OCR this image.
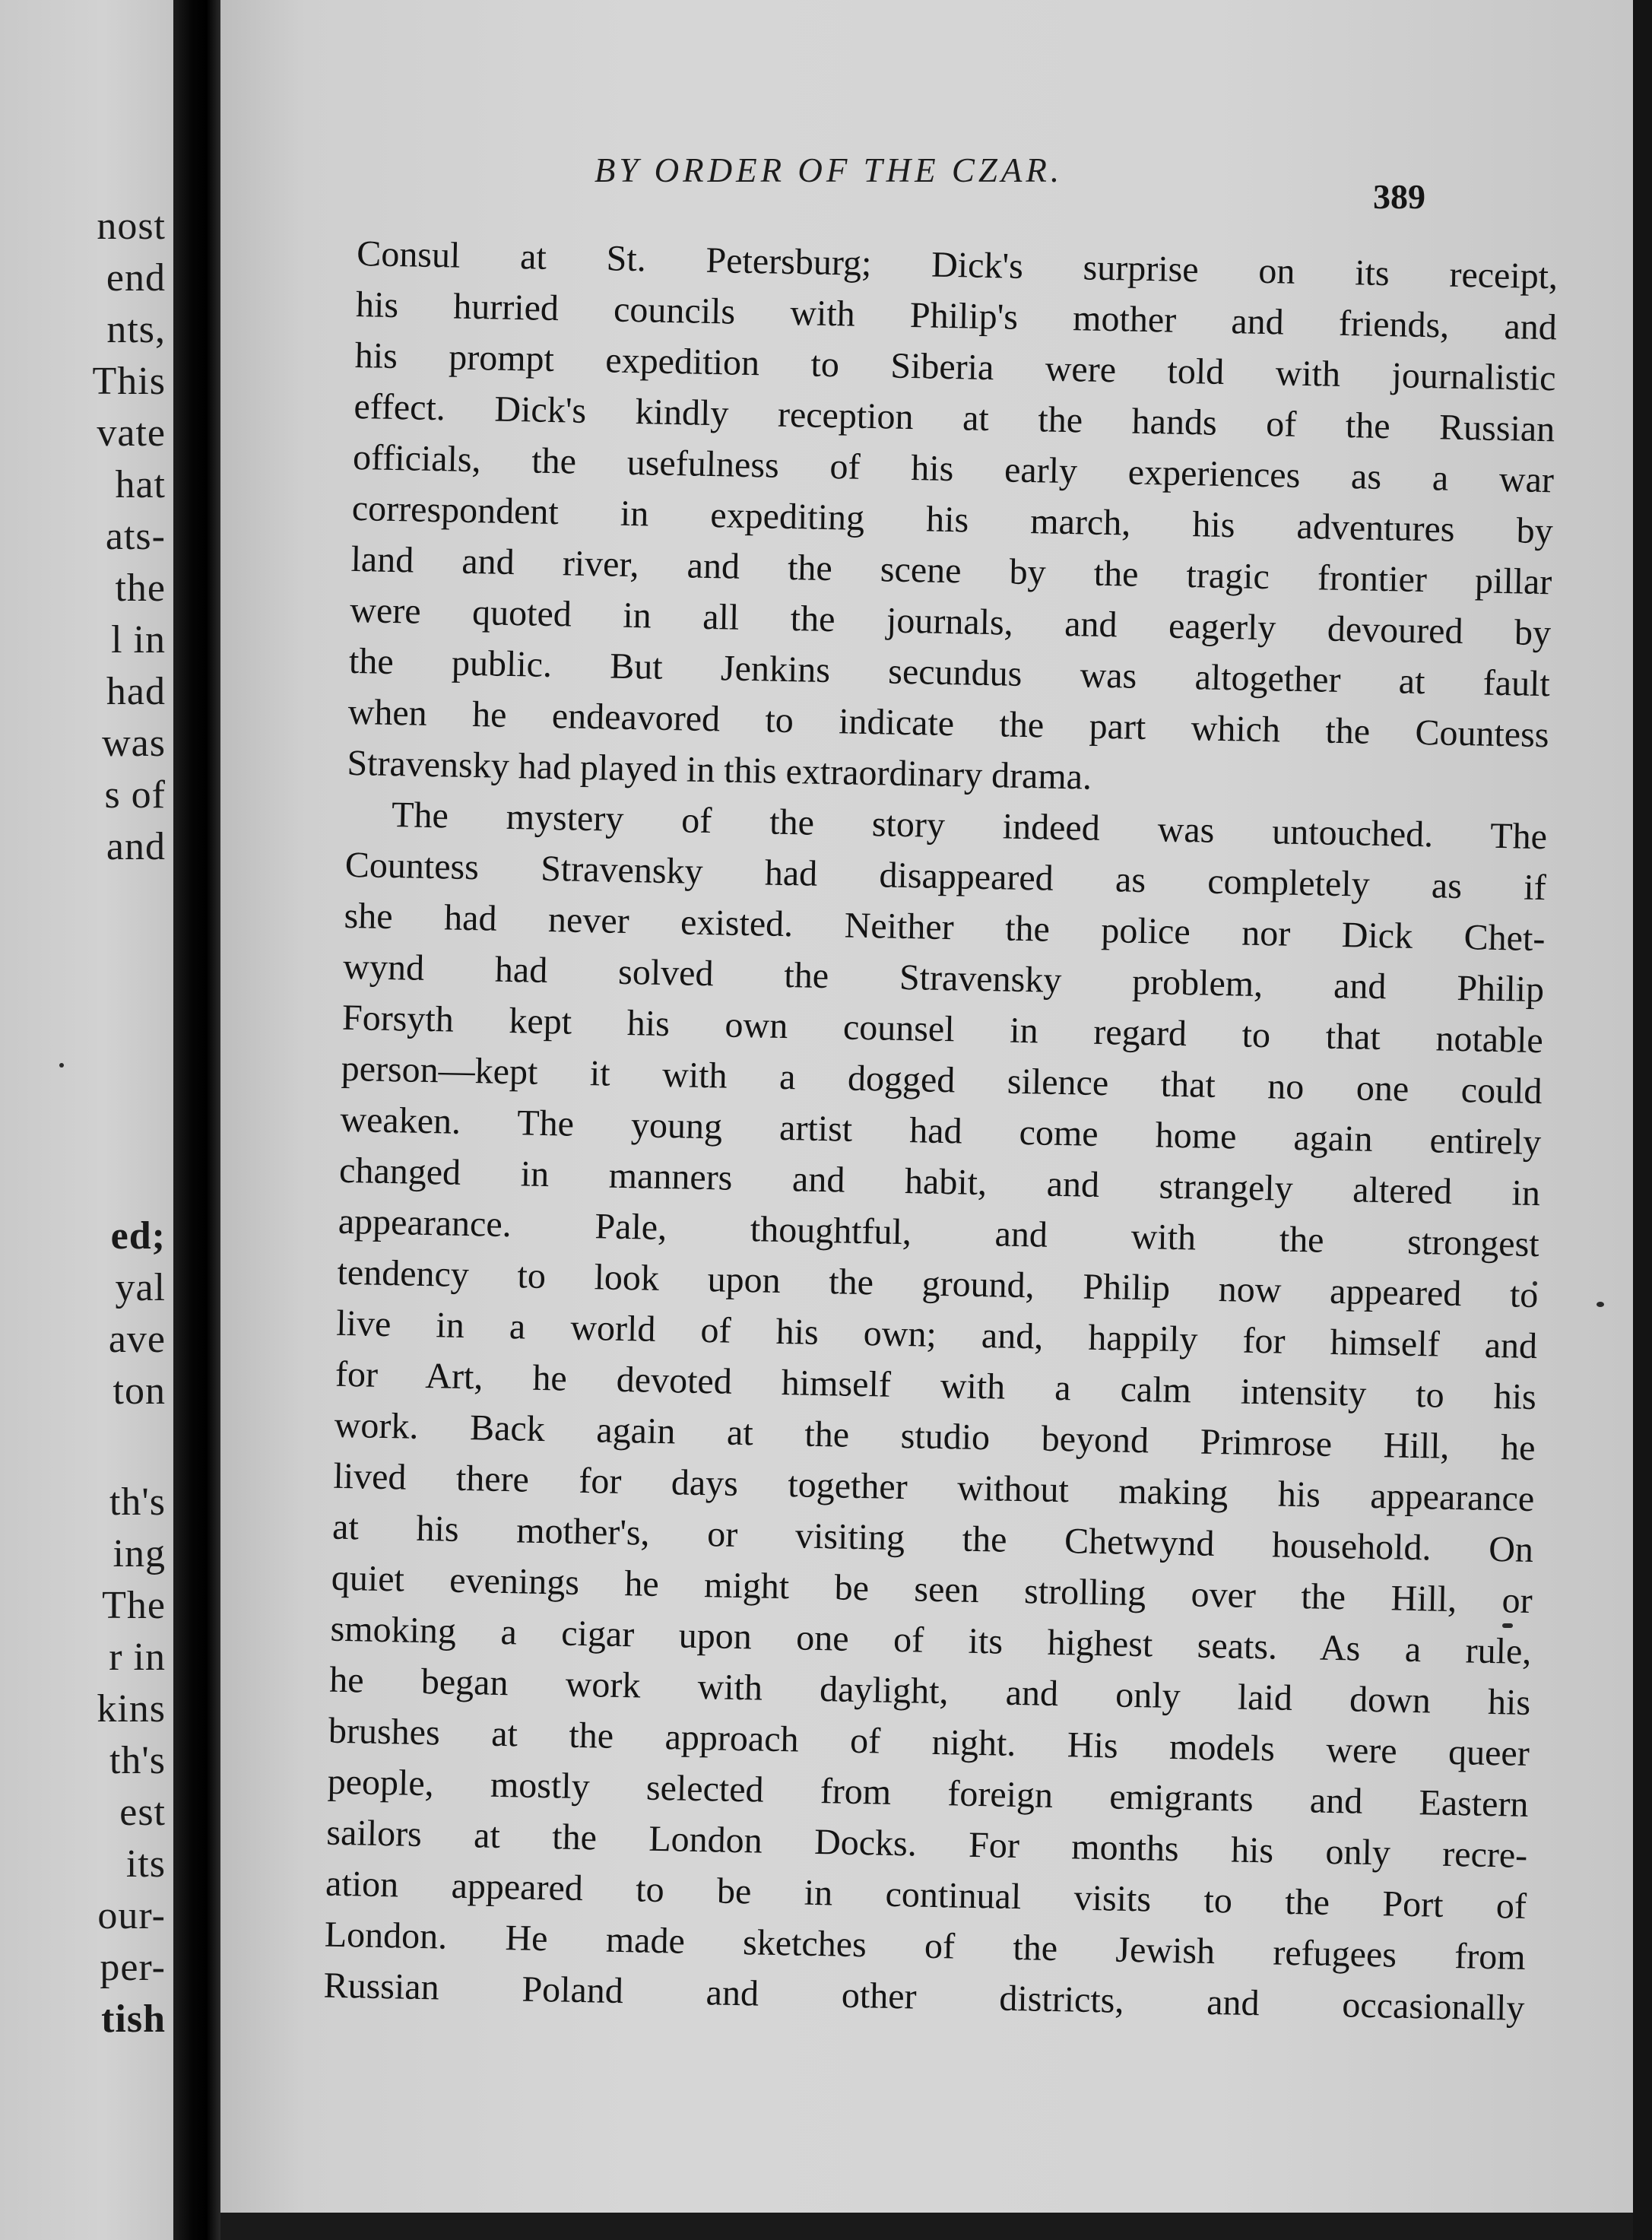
nost
end
nts,
This
vate
hat
ats-
the
l in
had
was
s of
and
ed;
yal
ave
ton
th's
ing
The
r in
kins
th's
est
its
our-
per-
tish
BY ORDER OF THE CZAR.
389
Consul at St. Petersburg; Dick's surprise on its receipt,
his hurried councils with Philip's mother and friends, and
his prompt expedition to Siberia were told with journalistic
effect. Dick's kindly reception at the hands of the Russian
officials, the usefulness of his early experiences as a war
correspondent in expediting his march, his adventures by
land and river, and the scene by the tragic frontier pillar
were quoted in all the journals, and eagerly devoured by
the public. But Jenkins secundus was altogether at fault
when he endeavored to indicate the part which the Countess
Stravensky had played in this extraordinary drama.
The mystery of the story indeed was untouched. The
Countess Stravensky had disappeared as completely as if
she had never existed. Neither the police nor Dick Chet-
wynd had solved the Stravensky problem, and Philip
Forsyth kept his own counsel in regard to that notable
person—kept it with a dogged silence that no one could
weaken. The young artist had come home again entirely
changed in manners and habit, and strangely altered in
appearance. Pale, thoughtful, and with the strongest
tendency to look upon the ground, Philip now appeared to
live in a world of his own; and, happily for himself and
for Art, he devoted himself with a calm intensity to his
work. Back again at the studio beyond Primrose Hill, he
lived there for days together without making his appearance
at his mother's, or visiting the Chetwynd household. On
quiet evenings he might be seen strolling over the Hill, or
smoking a cigar upon one of its highest seats. As a rule,
he began work with daylight, and only laid down his
brushes at the approach of night. His models were queer
people, mostly selected from foreign emigrants and Eastern
sailors at the London Docks. For months his only recre-
ation appeared to be in continual visits to the Port of
London. He made sketches of the Jewish refugees from
Russian Poland and other districts, and occasionally
